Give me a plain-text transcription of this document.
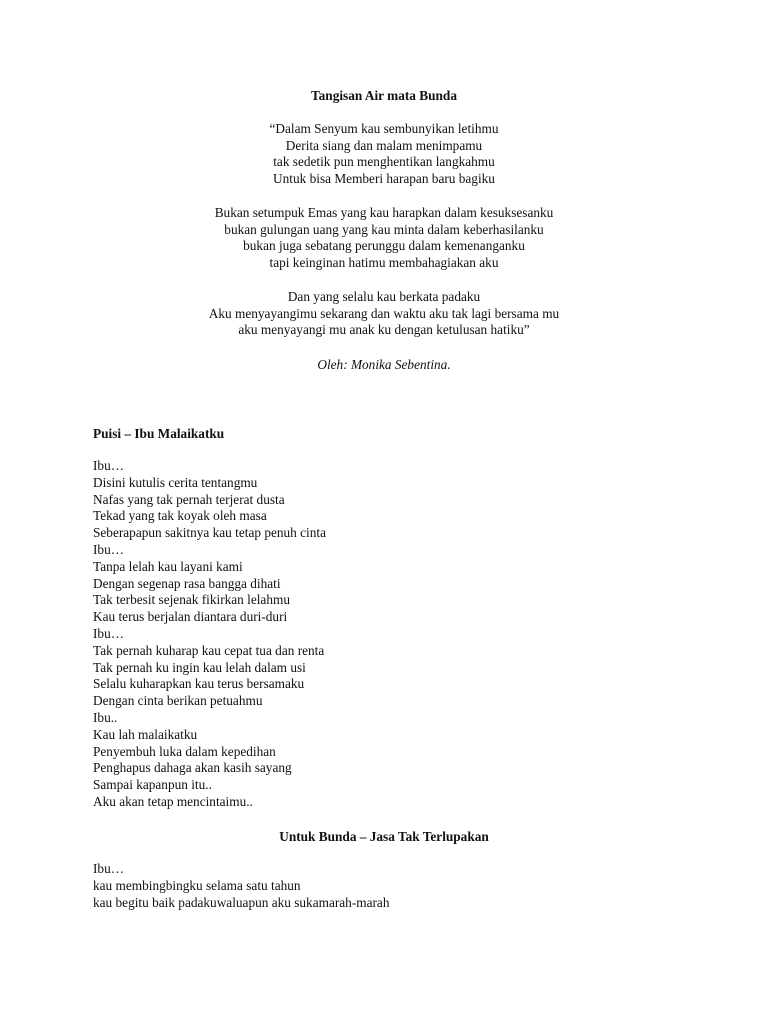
Tangisan Air mata Bunda
“Dalam Senyum kau sembunyikan letihmu
Derita siang dan malam menimpamu
tak sedetik pun menghentikan langkahmu
Untuk bisa Memberi harapan baru bagiku
Bukan setumpuk Emas yang kau harapkan dalam kesuksesanku
bukan gulungan uang yang kau minta dalam keberhasilanku
bukan juga sebatang perunggu dalam kemenanganku
tapi keinginan hatimu membahagiakan aku
Dan yang selalu kau berkata padaku
Aku menyayangimu sekarang dan waktu aku tak lagi bersama mu
aku menyayangi mu anak ku dengan ketulusan hatiku”
Oleh: Monika Sebentina.
Puisi – Ibu Malaikatku
Ibu…
Disini kutulis cerita tentangmu
Nafas yang tak pernah terjerat dusta
Tekad yang tak koyak oleh masa
Seberapapun sakitnya kau tetap penuh cinta
Ibu…
Tanpa lelah kau layani kami
Dengan segenap rasa bangga dihati
Tak terbesit sejenak fikirkan lelahmu
Kau terus berjalan diantara duri-duri
Ibu…
Tak pernah kuharap kau cepat tua dan renta
Tak pernah ku ingin kau lelah dalam usi
Selalu kuharapkan kau terus bersamaku
Dengan cinta berikan petuahmu
Ibu..
Kau lah malaikatku
Penyembuh luka dalam kepedihan
Penghapus dahaga akan kasih sayang
Sampai kapanpun itu..
Aku akan tetap mencintaimu..
Untuk Bunda – Jasa Tak Terlupakan
Ibu…
kau membingbingku selama satu tahun
kau begitu baik padakuwaluapun aku sukamarah-marah
